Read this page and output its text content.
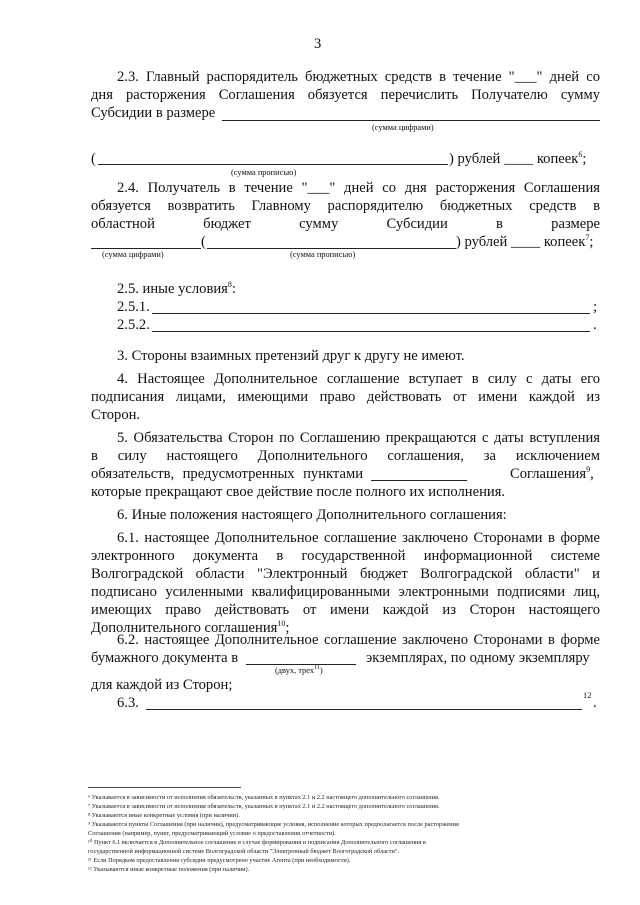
3
2.3. Главный распорядитель бюджетных средств в течение "___" дней со
дня расторжения Соглашения обязуется перечислить Получателю сумму
Субсидии в размере
(сумма цифрами)
(	) рублей ____ копеек$^6$;
(сумма прописью)
2.4. Получатель в течение "___" дней со дня расторжения Соглашения
обязуется возвратить Главному распорядителю бюджетных средств в
областной бюджет сумму Субсидии в размере
(	) рублей ____ копеек$^7$;
(сумма цифрами)	(сумма прописью)
2.5. иные условия$^8$:
2.5.1.	;
2.5.2.	.
3. Стороны взаимных претензий друг к другу не имеют.
4. Настоящее Дополнительное соглашение вступает в силу с даты его
подписания лицами, имеющими право действовать от имени каждой из
Сторон.
5. Обязательства Сторон по Соглашению прекращаются с даты вступления
в силу настоящего Дополнительного соглашения, за исключением
обязательств, предусмотренных пунктами	Соглашения$^9$,
которые прекращают свое действие после полного их исполнения.
6. Иные положения настоящего Дополнительного соглашения:
6.1. настоящее Дополнительное соглашение заключено Сторонами в форме
электронного документа в государственной информационной системе
Волгоградской области "Электронный бюджет Волгоградской области" и
подписано усиленными квалифицированными электронными подписями лиц,
имеющих право действовать от имени каждой из Сторон настоящего
Дополнительного соглашения$^{10}$;
6.2. настоящее Дополнительное соглашение заключено Сторонами в форме
бумажного документа в	экземплярах, по одному экземпляру
(двух, трех$^{11}$)
для каждой из Сторон;
6.3.	12 .
⁶ Указывается в зависимости от исполнения обязательств, указанных в пунктах 2.1 и 2.2 настоящего дополнительного соглашения.
⁷ Указывается в зависимости от исполнения обязательств, указанных в пунктах 2.1 и 2.2 настоящего дополнительного соглашения.
⁸ Указываются иные конкретные условия (при наличии).
⁹ Указываются пункты Соглашения (при наличии), предусматривающие условия, исполнение которых предполагается после расторжения
Соглашения (например, пункт, предусматривающий условие о предоставлении отчетности).
¹⁰ Пункт 6.1 включается в Дополнительное соглашение в случае формирования и подписания Дополнительного соглашения в
государственной информационной системе Волгоградской области "Электронный бюджет Волгоградской области".
¹¹ Если Порядком предоставления субсидии предусмотрено участие Агента (при необходимости).
¹² Указываются иные конкретные положения (при наличии).
